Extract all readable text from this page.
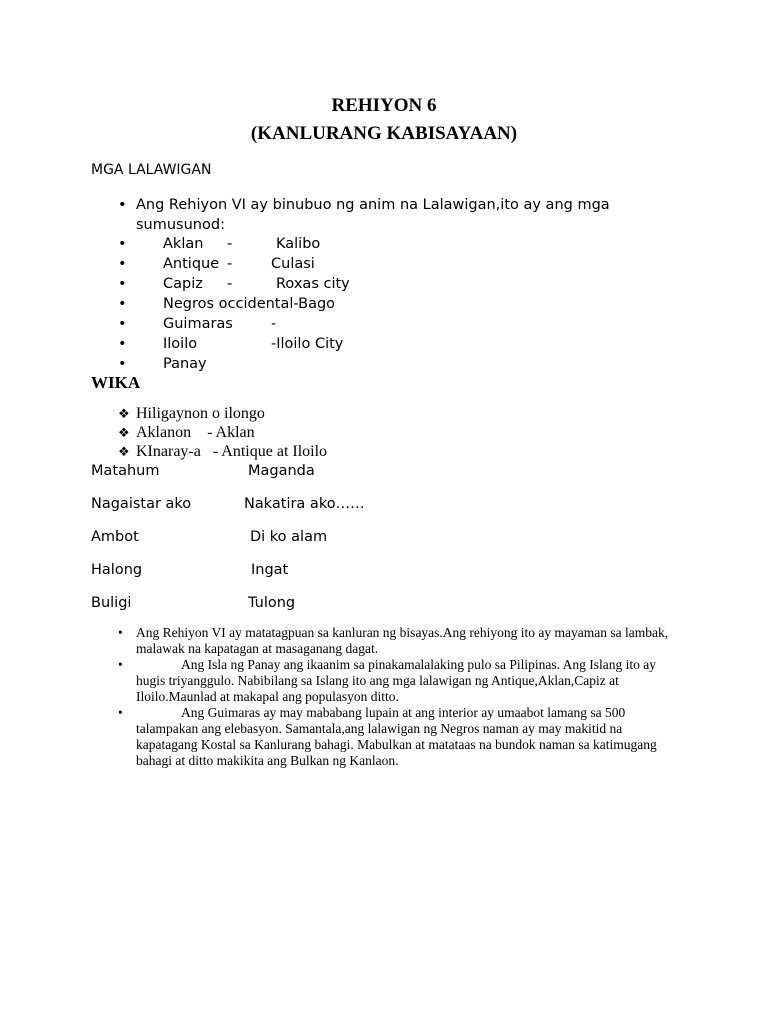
REHIYON 6
(KANLURANG KABISAYAAN)
MGA LALAWIGAN
• Ang Rehiyon VI ay binubuo ng anim na Lalawigan,ito ay ang mga sumusunod:
•	Aklan -	Kalibo
•	Antique -	Culasi
•	Capiz -	Roxas city
•	Negros occidental-Bago
•	Guimaras	-
•	Iloilo	-Iloilo City
•	Panay
WIKA
❖ Hiligaynon o ilongo
❖ Aklanon    - Aklan
❖ KInaray-a   - Antique at Iloilo
Matahum	Maganda
Nagaistar ako	Nakatira ako……
Ambot	Di ko alam
Halong	Ingat
Buligi	Tulong
• Ang Rehiyon VI ay matatagpuan sa kanluran ng bisayas.Ang rehiyong ito ay mayaman sa lambak, malawak na kapatagan at masaganang dagat.
•	Ang Isla ng Panay ang ikaanim sa pinakamalalaking pulo sa Pilipinas. Ang Islang ito ay hugis triyanggulo. Nabibilang sa Islang ito ang mga lalawigan ng Antique,Aklan,Capiz at Iloilo.Maunlad at makapal ang populasyon ditto.
•	Ang Guimaras ay may mababang lupain at ang interior ay umaabot lamang sa 500 talampakan ang elebasyon. Samantala,ang lalawigan ng Negros naman ay may makitid na kapatagang Kostal sa Kanlurang bahagi. Mabulkan at matataas na bundok naman sa katimugang bahagi at ditto makikita ang Bulkan ng Kanlaon.
